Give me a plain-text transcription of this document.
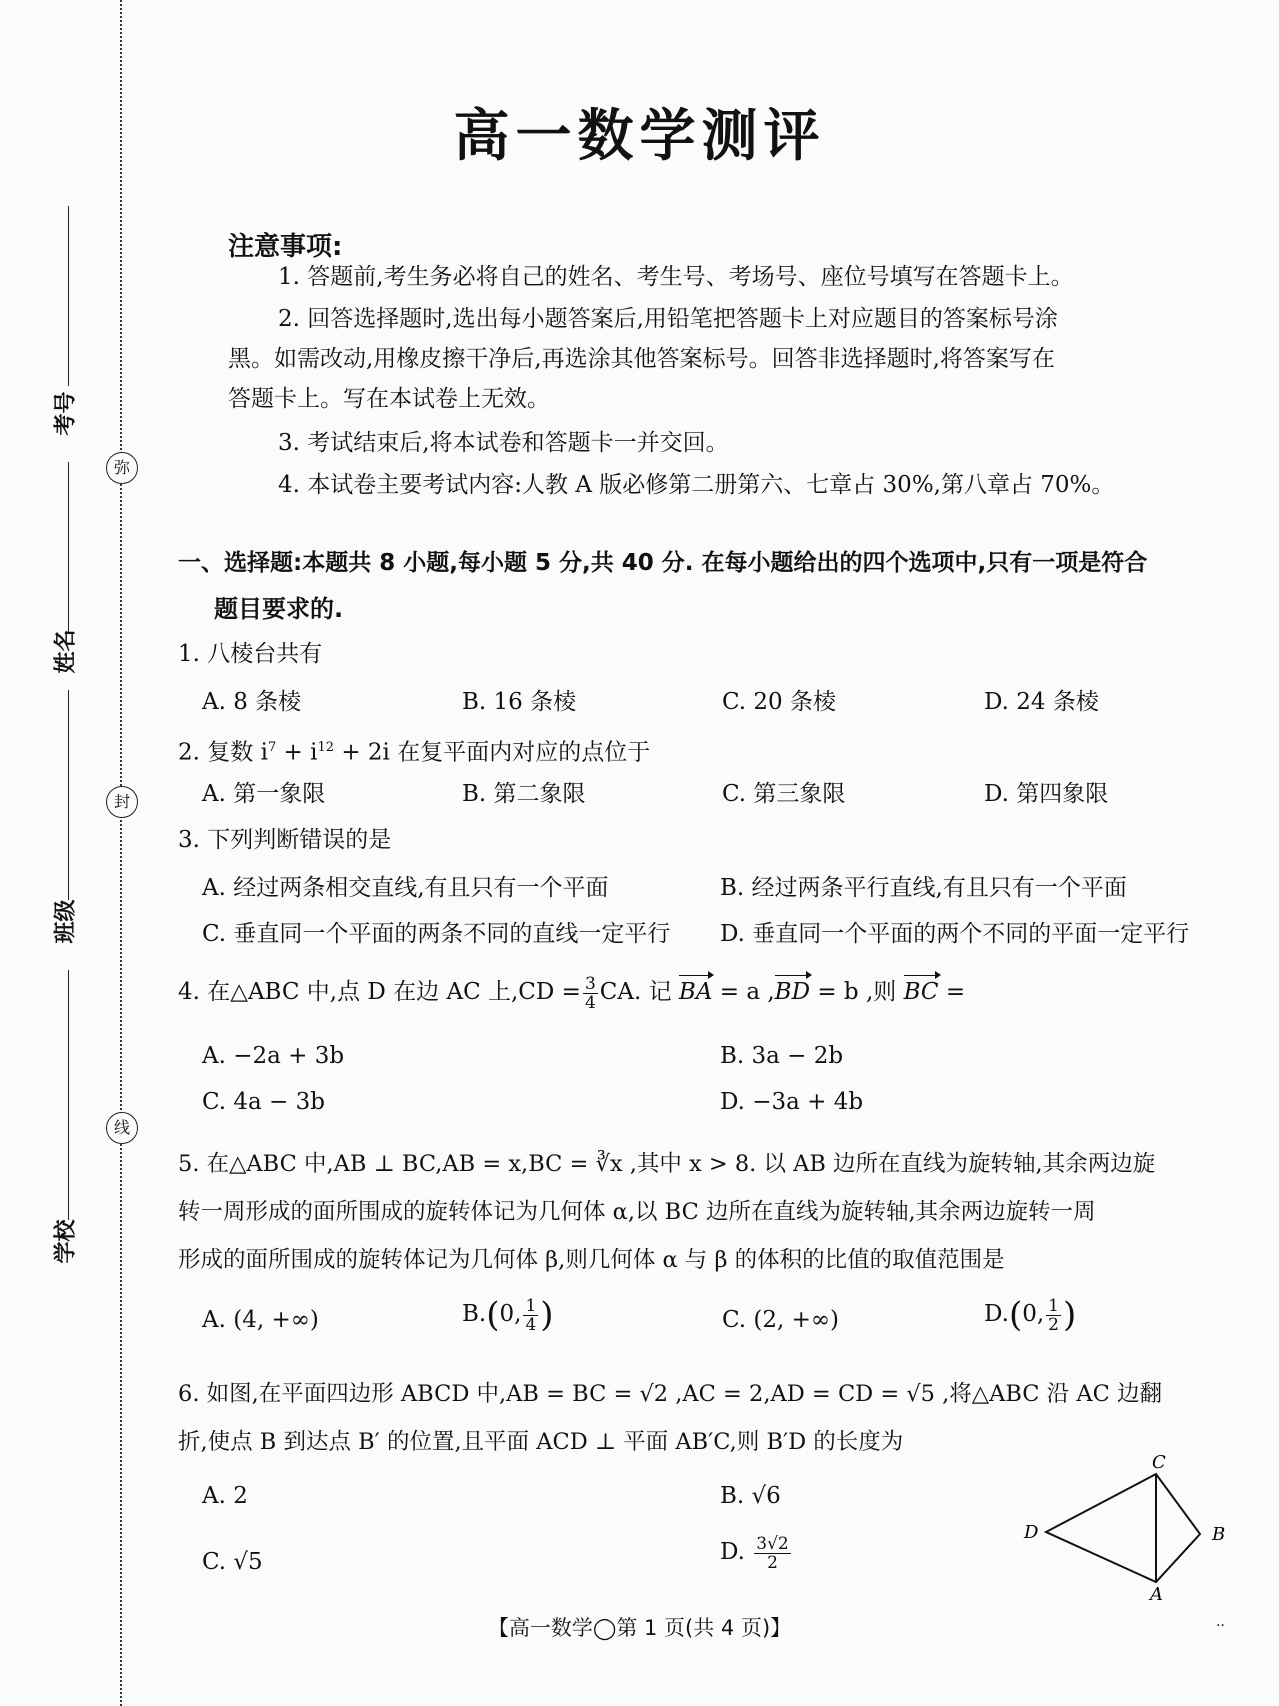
弥
封
线
考号
姓名
班级
学校
高一数学测评
注意事项:
1. 答题前,考生务必将自己的姓名、考生号、考场号、座位号填写在答题卡上。
2. 回答选择题时,选出每小题答案后,用铅笔把答题卡上对应题目的答案标号涂
黑。如需改动,用橡皮擦干净后,再选涂其他答案标号。回答非选择题时,将答案写在
答题卡上。写在本试卷上无效。
3. 考试结束后,将本试卷和答题卡一并交回。
4. 本试卷主要考试内容:人教 A 版必修第二册第六、七章占 30%,第八章占 70%。
一、选择题:本题共 8 小题,每小题 5 分,共 40 分. 在每小题给出的四个选项中,只有一项是符合
题目要求的.
1. 八棱台共有
A. 8 条棱	B. 16 条棱	C. 20 条棱	D. 24 条棱
2. 复数 $i^7 + i^{12} + 2i$ 在复平面内对应的点位于
A. 第一象限	B. 第二象限	C. 第三象限	D. 第四象限
3. 下列判断错误的是
A. 经过两条相交直线,有且只有一个平面	B. 经过两条平行直线,有且只有一个平面
C. 垂直同一个平面的两条不同的直线一定平行 D. 垂直同一个平面的两个不同的平面一定平行
4. 在△ABC 中,点 D 在边 AC 上$,CD = \frac{3}{4}$ CA. 记 BA = a ,BD = b ,则 BC =
A. −2a + 3b	B. 3a − 2b
C. 4a − 3b	D. −3a + 4b
5. 在△ABC 中,AB ⊥ BC,AB = x,BC = ∛x ,其中 x > 8. 以 AB 边所在直线为旋转轴,其余两边旋
转一周形成的面所围成的旋转体记为几何体 α,以 BC 边所在直线为旋转轴,其余两边旋转一周
形成的面所围成的旋转体记为几何体 β,则几何体 α 与 β 的体积的比值的取值范围是
A. (4, +∞)	B.(0, $\frac{1}{4}$ )	C. (2, +∞)	D.(0, $\frac{1}{2}$ )
6. 如图,在平面四边形 ABCD 中,AB = BC = √2 ,AC = 2,AD = CD = √5 ,将△ABC 沿 AC 边翻
折,使点 B 到达点 B′ 的位置,且平面 ACD ⊥ 平面 AB′C,则 B′D 的长度为
A. 2	B. √6
C. √5	D. $\frac{3√2}{2}$
C
D	B
A
【高一数学◯第 1 页(共 4 页)】	··
